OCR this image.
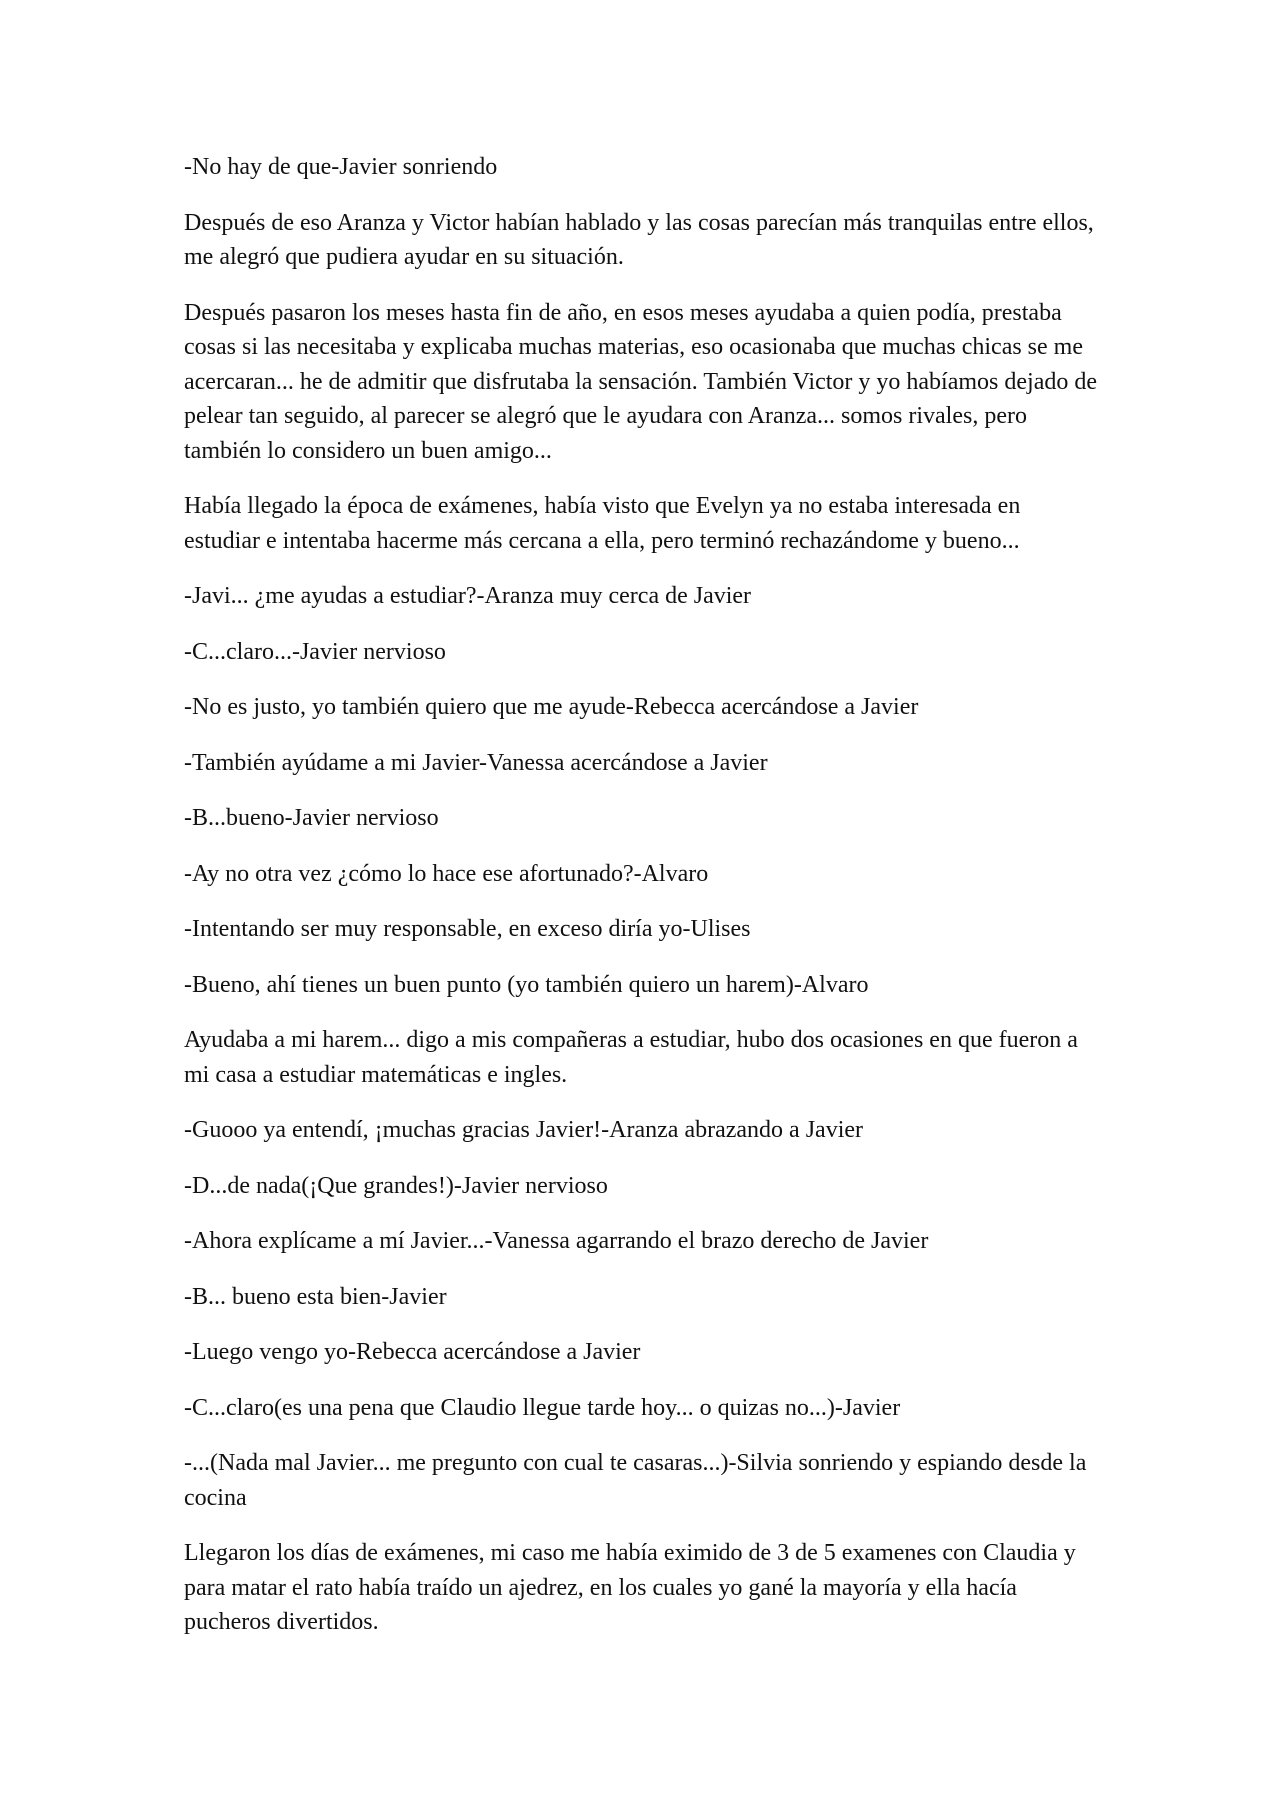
-No hay de que-Javier sonriendo

Después de eso Aranza y Victor habían hablado y las cosas parecían más tranquilas entre ellos, me alegró que pudiera ayudar en su situación.

Después pasaron los meses hasta fin de año, en esos meses ayudaba a quien podía, prestaba cosas si las necesitaba y explicaba muchas materias, eso ocasionaba que muchas chicas se me acercaran... he de admitir que disfrutaba la sensación. También Victor y yo habíamos dejado de pelear tan seguido, al parecer se alegró que le ayudara con Aranza... somos rivales, pero también lo considero un buen amigo...

Había llegado la época de exámenes, había visto que Evelyn ya no estaba interesada en estudiar e intentaba hacerme más cercana a ella, pero terminó rechazándome y bueno...

-Javi... ¿me ayudas a estudiar?-Aranza muy cerca de Javier

-C...claro...-Javier nervioso

-No es justo, yo también quiero que me ayude-Rebecca acercándose a Javier

-También ayúdame a mi Javier-Vanessa acercándose a Javier

-B...bueno-Javier nervioso

-Ay no otra vez ¿cómo lo hace ese afortunado?-Alvaro

-Intentando ser muy responsable, en exceso diría yo-Ulises

-Bueno, ahí tienes un buen punto (yo también quiero un harem)-Alvaro

Ayudaba a mi harem... digo a mis compañeras a estudiar, hubo dos ocasiones en que fueron a mi casa a estudiar matemáticas e ingles.

-Guooo ya entendí, ¡muchas gracias Javier!-Aranza abrazando a Javier

-D...de nada(¡Que grandes!)-Javier nervioso

-Ahora explícame a mí Javier...-Vanessa agarrando el brazo derecho de Javier

-B... bueno esta bien-Javier

-Luego vengo yo-Rebecca acercándose a Javier

-C...claro(es una pena que Claudio llegue tarde hoy... o quizas no...)-Javier

-...(Nada mal Javier... me pregunto con cual te casaras...)-Silvia sonriendo y espiando desde la cocina

Llegaron los días de exámenes, mi caso me había eximido de 3 de 5 examenes con Claudia y para matar el rato había traído un ajedrez, en los cuales yo gané la mayoría y ella hacía pucheros divertidos.
